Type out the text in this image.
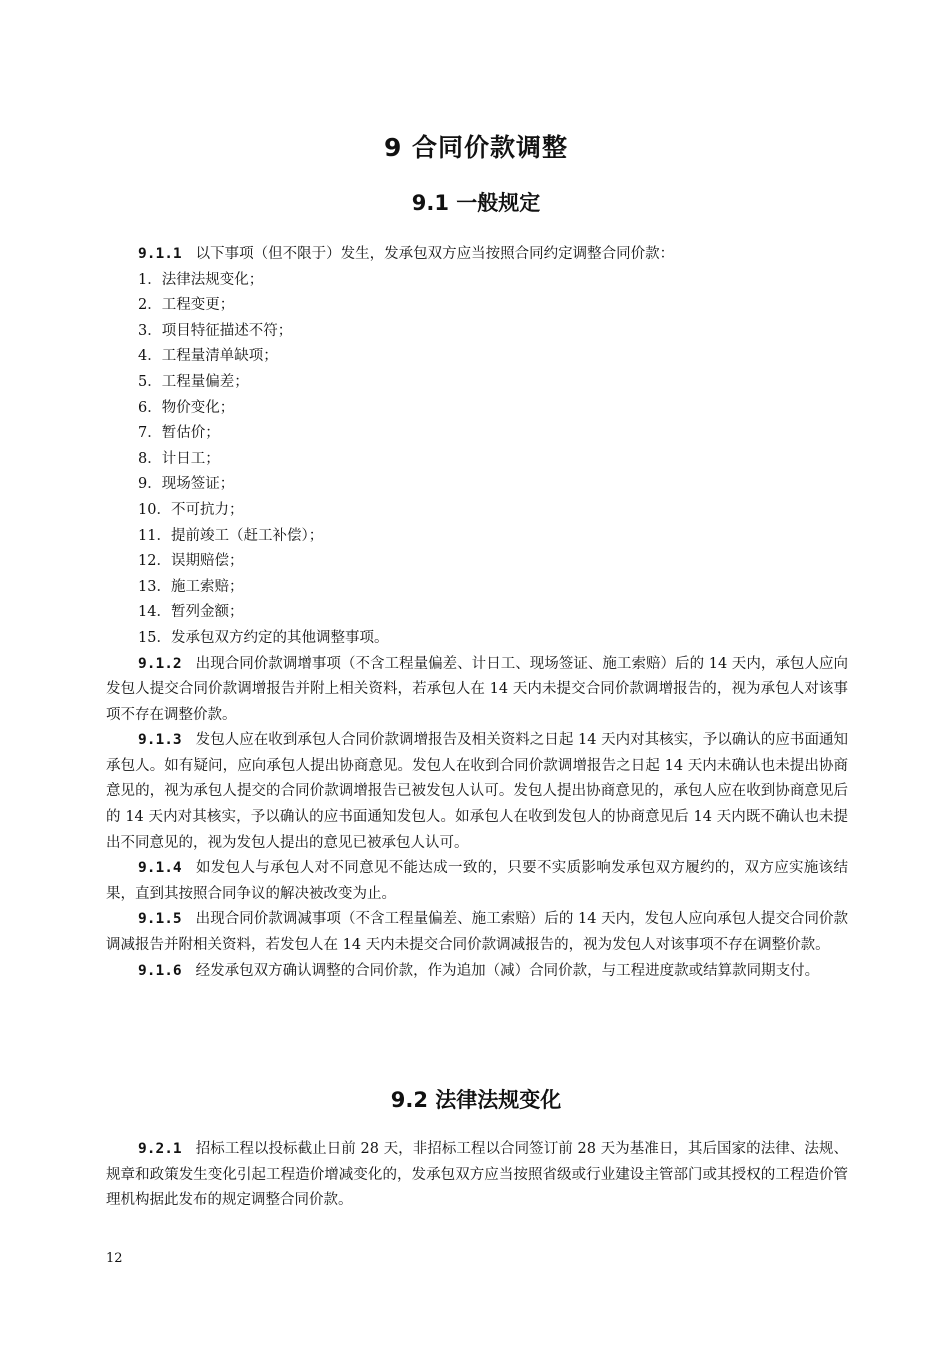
9 合同价款调整
9.1 一般规定

9.1.1 以下事项（但不限于）发生，发承包双方应当按照合同约定调整合同价款：

1．法律法规变化；

2．工程变更；

3．项目特征描述不符；

4．工程量清单缺项；

5．工程量偏差；

6．物价变化；

7．暂估价；

8．计日工；

9．现场签证；

10．不可抗力；

11．提前竣工（赶工补偿）；

12．误期赔偿；

13．施工索赔；

14．暂列金额；

15．发承包双方约定的其他调整事项。

9.1.2 出现合同价款调增事项（不含工程量偏差、计日工、现场签证、施工索赔）后的 14 天内，承包人应向发包人提交合同价款调增报告并附上相关资料，若承包人在 14 天内未提交合同价款调增报告的，视为承包人对该事项不存在调整价款。

9.1.3 发包人应在收到承包人合同价款调增报告及相关资料之日起 14 天内对其核实，予以确认的应书面通知承包人。如有疑问，应向承包人提出协商意见。发包人在收到合同价款调增报告之日起 14 天内未确认也未提出协商意见的，视为承包人提交的合同价款调增报告已被发包人认可。发包人提出协商意见的，承包人应在收到协商意见后的 14 天内对其核实，予以确认的应书面通知发包人。如承包人在收到发包人的协商意见后 14 天内既不确认也未提出不同意见的，视为发包人提出的意见已被承包人认可。

9.1.4 如发包人与承包人对不同意见不能达成一致的，只要不实质影响发承包双方履约的，双方应实施该结果，直到其按照合同争议的解决被改变为止。

9.1.5 出现合同价款调减事项（不含工程量偏差、施工索赔）后的 14 天内，发包人应向承包人提交合同价款调减报告并附相关资料，若发包人在 14 天内未提交合同价款调减报告的，视为发包人对该事项不存在调整价款。

9.1.6 经发承包双方确认调整的合同价款，作为追加（减）合同价款，与工程进度款或结算款同期支付。

9.2 法律法规变化

9.2.1 招标工程以投标截止日前 28 天，非招标工程以合同签订前 28 天为基准日，其后国家的法律、法规、规章和政策发生变化引起工程造价增减变化的，发承包双方应当按照省级或行业建设主管部门或其授权的工程造价管理机构据此发布的规定调整合同价款。

12
